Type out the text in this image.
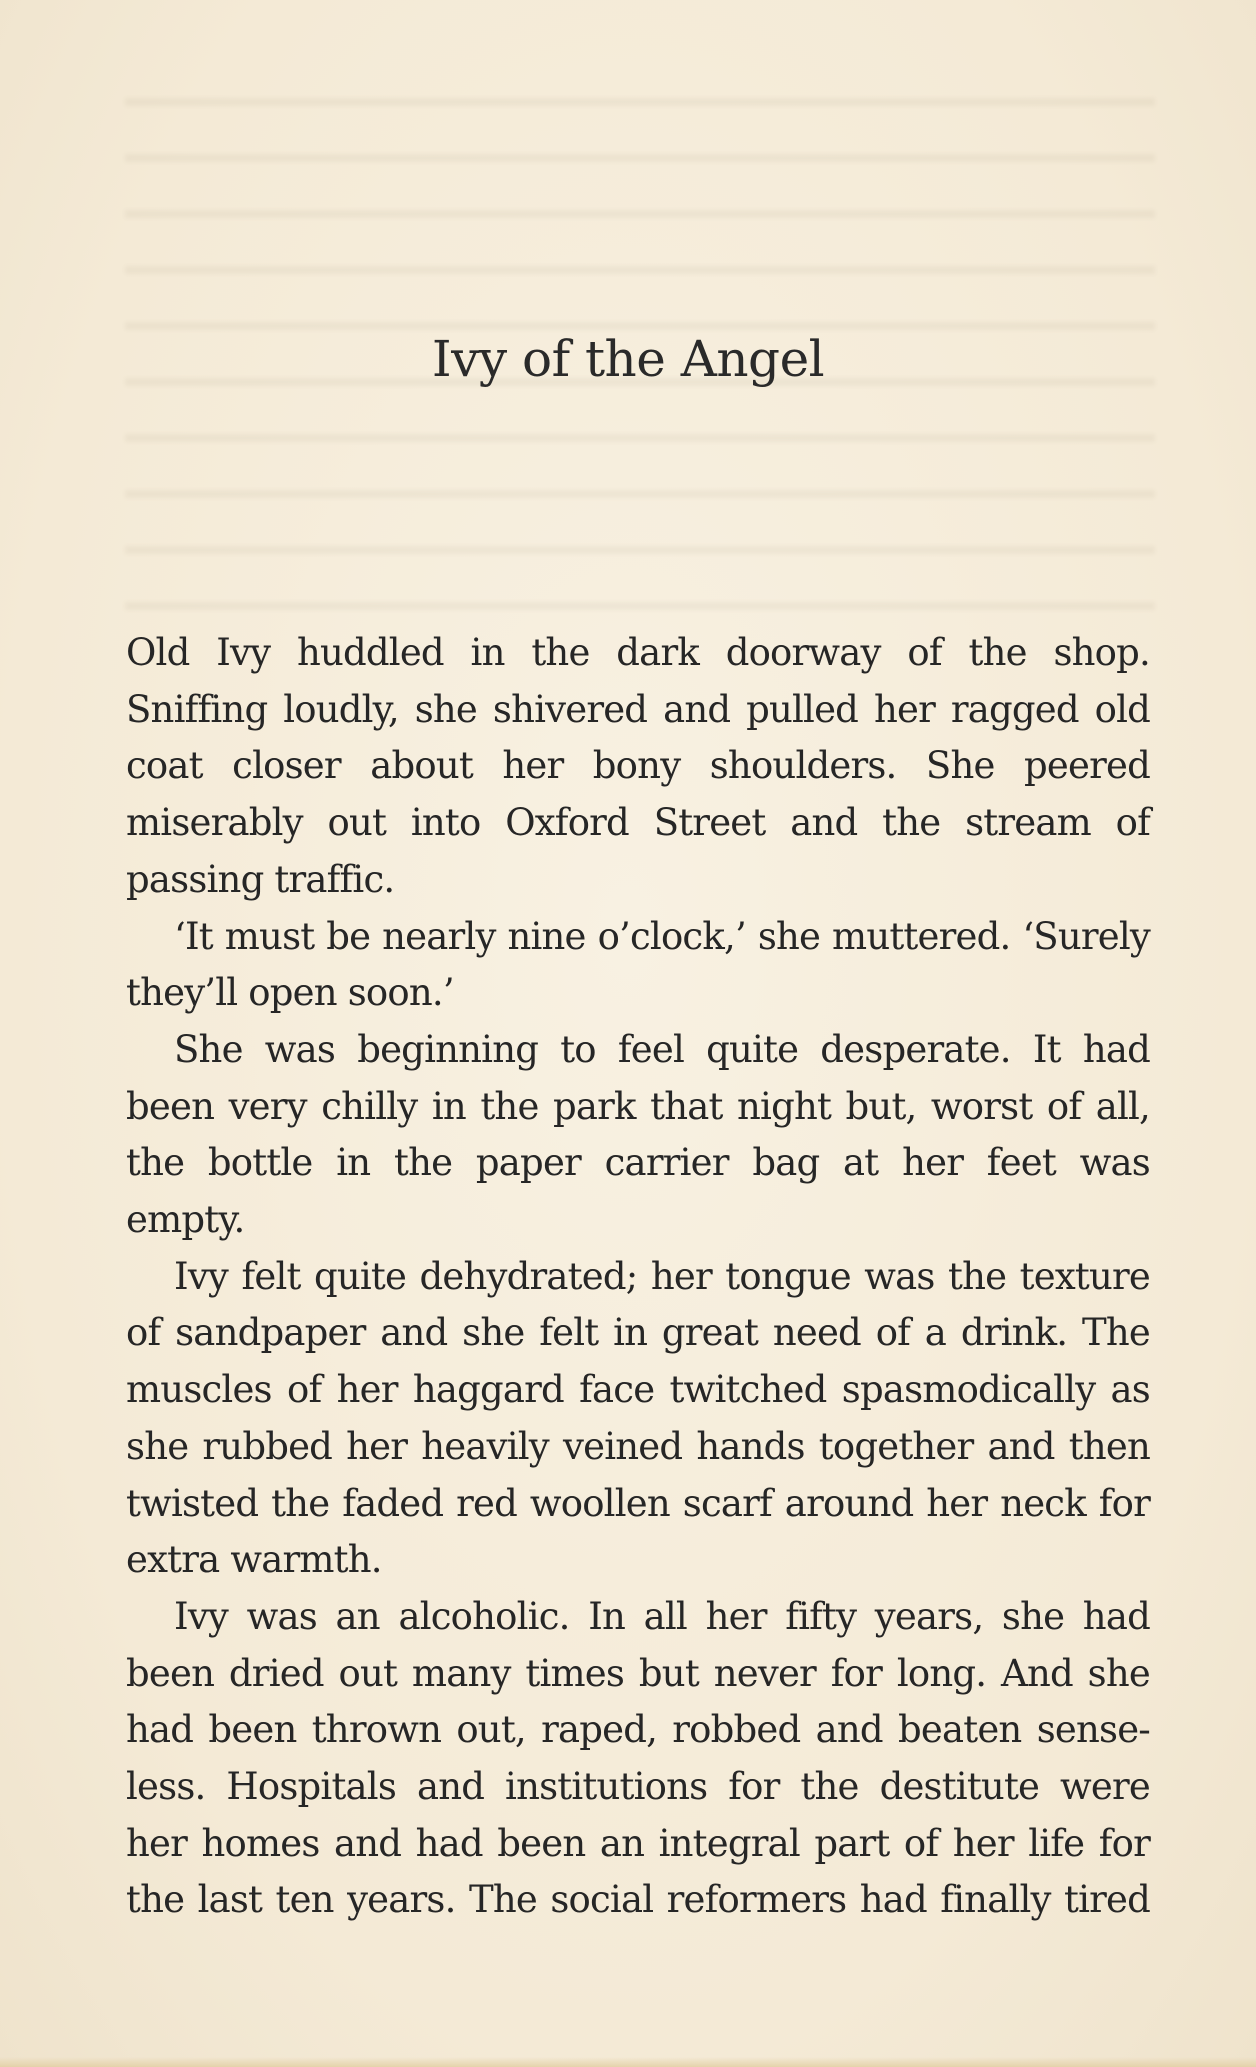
Ivy of the Angel

Old Ivy huddled in the dark doorway of the shop. Sniffing loudly, she shivered and pulled her ragged old coat closer about her bony shoulders. She peered miserably out into Oxford Street and the stream of passing traffic.

‘It must be nearly nine o’clock,’ she muttered. ‘Surely they’ll open soon.’

She was beginning to feel quite desperate. It had been very chilly in the park that night but, worst of all, the bottle in the paper carrier bag at her feet was empty.

Ivy felt quite dehydrated; her tongue was the texture of sandpaper and she felt in great need of a drink. The muscles of her haggard face twitched spasmodically as she rubbed her heavily veined hands together and then twisted the faded red woollen scarf around her neck for extra warmth.

Ivy was an alcoholic. In all her fifty years, she had been dried out many times but never for long. And she had been thrown out, raped, robbed and beaten sense-less. Hospitals and institutions for the destitute were her homes and had been an integral part of her life for the last ten years. The social reformers had finally tired
